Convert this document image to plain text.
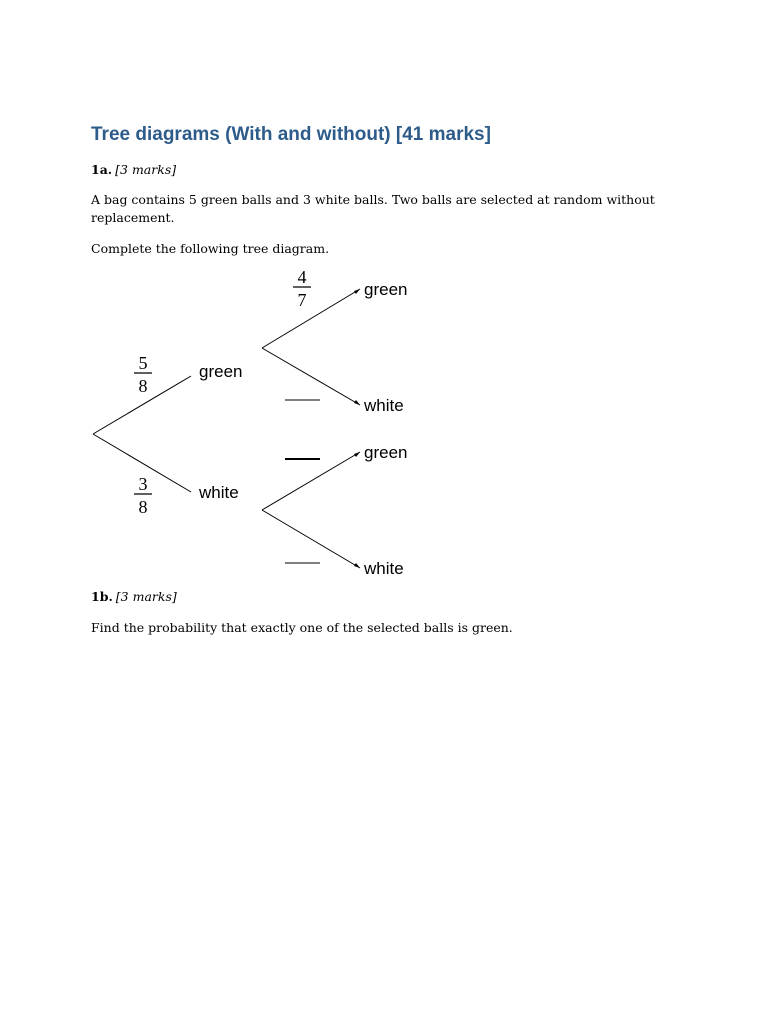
Tree diagrams (With and without) [41 marks]
1a. [3 marks]

A bag contains 5 green balls and 3 white balls. Two balls are selected at random without replacement.

Complete the following tree diagram.

green
white
green
white
green
white
5
8
3
8
4
7
1b. [3 marks]

Find the probability that exactly one of the selected balls is green.
